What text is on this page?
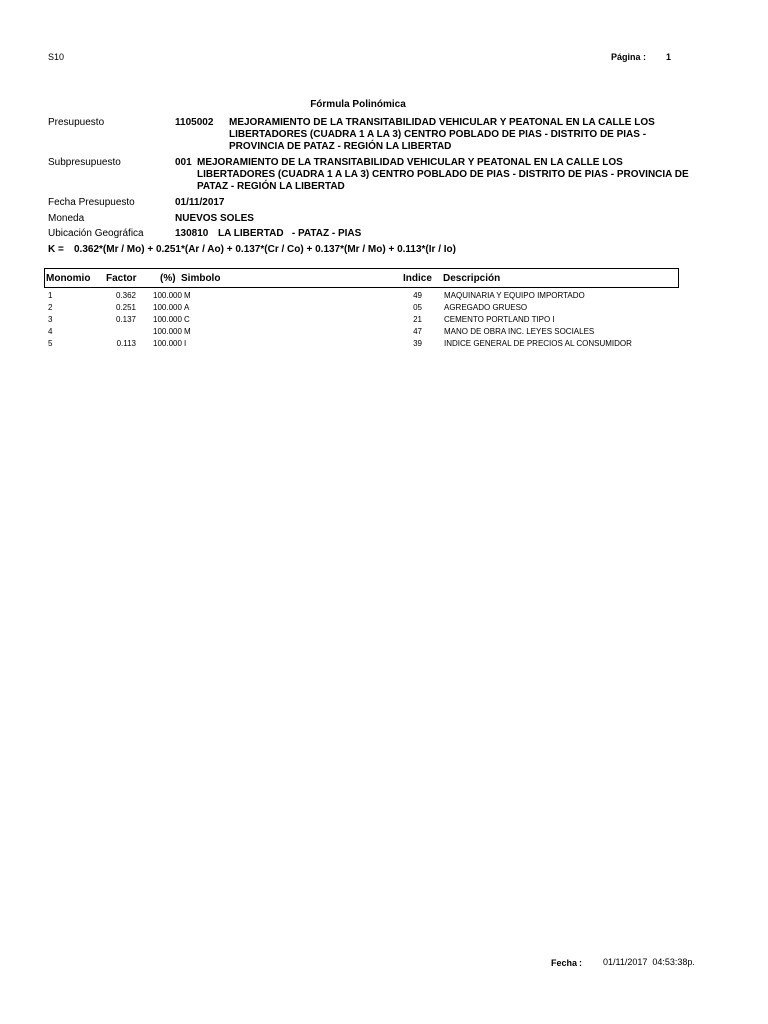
S10	Página : 1
Fórmula Polinómica
Presupuesto	1105002 MEJORAMIENTO DE LA TRANSITABILIDAD VEHICULAR Y PEATONAL EN LA CALLE LOS
LIBERTADORES (CUADRA 1 A LA 3) CENTRO POBLADO DE PIAS - DISTRITO DE PIAS -
PROVINCIA DE PATAZ - REGIÓN LA LIBERTAD
Subpresupuesto	001 MEJORAMIENTO DE LA TRANSITABILIDAD VEHICULAR Y PEATONAL EN LA CALLE LOS
LIBERTADORES (CUADRA 1 A LA 3) CENTRO POBLADO DE PIAS - DISTRITO DE PIAS - PROVINCIA DE
PATAZ - REGIÓN LA LIBERTAD
Fecha Presupuesto	01/11/2017
Moneda	NUEVOS SOLES
Ubicación Geográfica	130810 LA LIBERTAD   - PATAZ - PIAS
K = 0.362*(Mr / Mo) + 0.251*(Ar / Ao) + 0.137*(Cr / Co) + 0.137*(Mr / Mo) + 0.113*(Ir / Io)
Monomio Factor (%) Simbolo	Indice Descripción
1	0.362 100.000 M	49	MAQUINARIA Y EQUIPO IMPORTADO
2	0.251 100.000 A	05	AGREGADO GRUESO
3	0.137 100.000 C	21	CEMENTO PORTLAND TIPO I
4	100.000 M	47	MANO DE OBRA INC. LEYES SOCIALES
5	0.113 100.000 I	39	INDICE GENERAL DE PRECIOS AL CONSUMIDOR
Fecha : 01/11/2017  04:53:38p.
